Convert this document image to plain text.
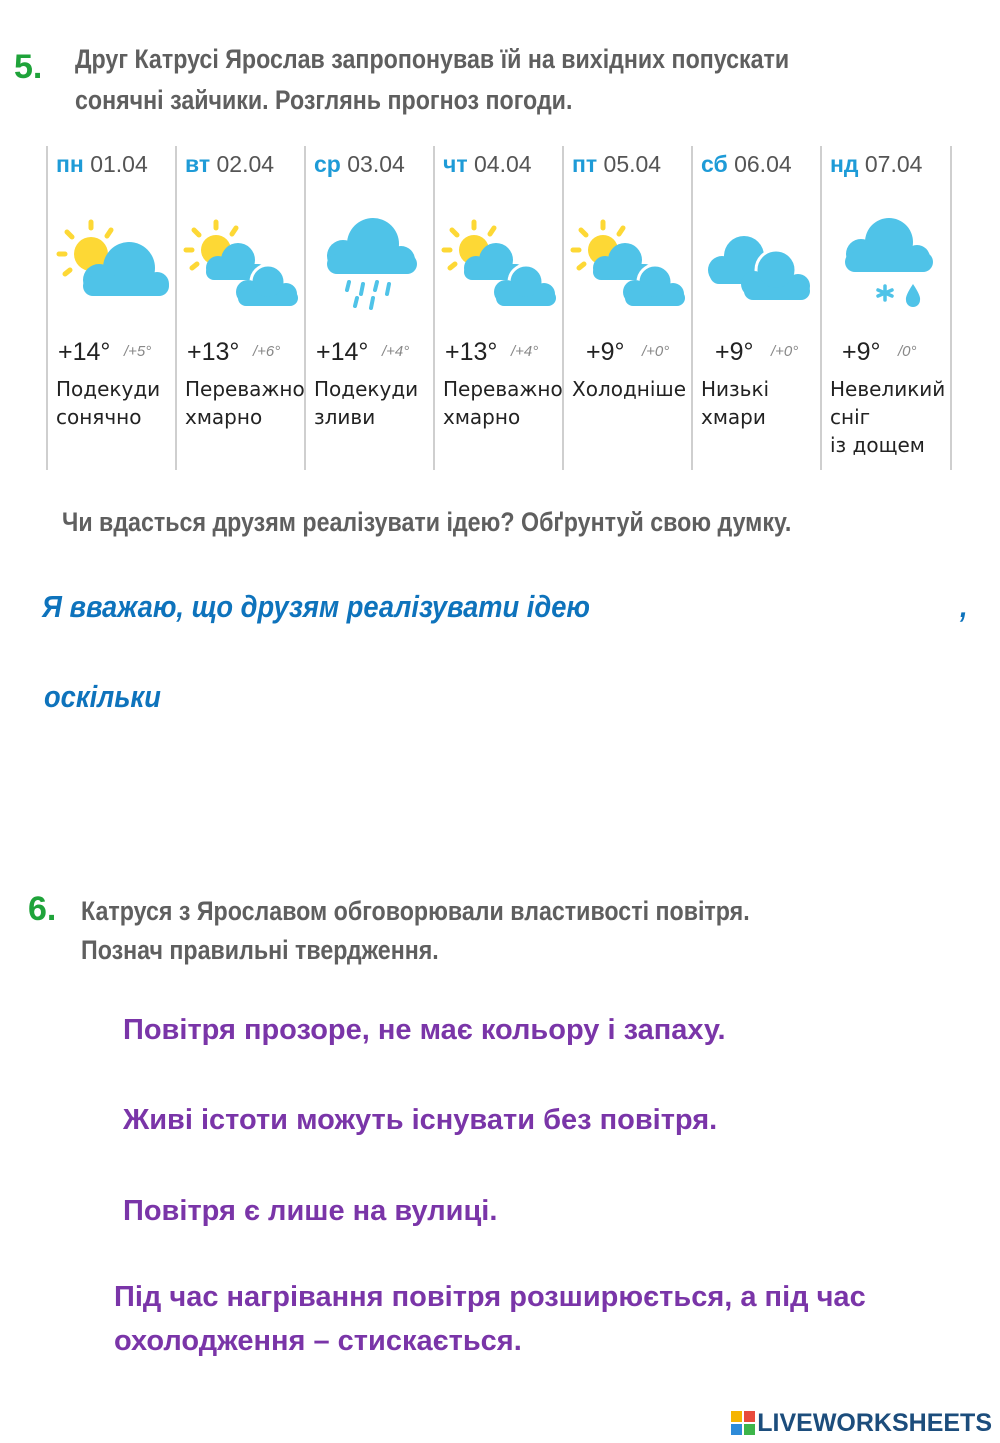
5. Друг Катрусі Ярослав запропонував їй на вихідних попускати
сонячні зайчики. Розглянь прогноз погоди.
пн 01.04
+14° /+5°
Подекуди
сонячно
вт 02.04
+13° /+6°
Переважно
хмарно
ср 03.04
+14° /+4°
Подекуди
зливи
чт 04.04
+13° /+4°
Переважно
хмарно
пт 05.04
+9° /+0°
Холодніше
сб 06.04
+9° /+0°
Низькі
хмари
нд 07.04
+9° /0°
Невеликий
сніг
із дощем
Чи вдасться друзям реалізувати ідею? Обґрунтуй свою думку.
Я вважаю, що друзям реалізувати ідею	,
оскільки
6. Катруся з Ярославом обговорювали властивості повітря.
Познач правильні твердження.
Повітря прозоре, не має кольору і запаху.
Живі істоти можуть існувати без повітря.
Повітря є лише на вулиці.
Під час нагрівання повітря розширюється, а під час
охолодження – стискається.
LIVEWORKSHEETS
